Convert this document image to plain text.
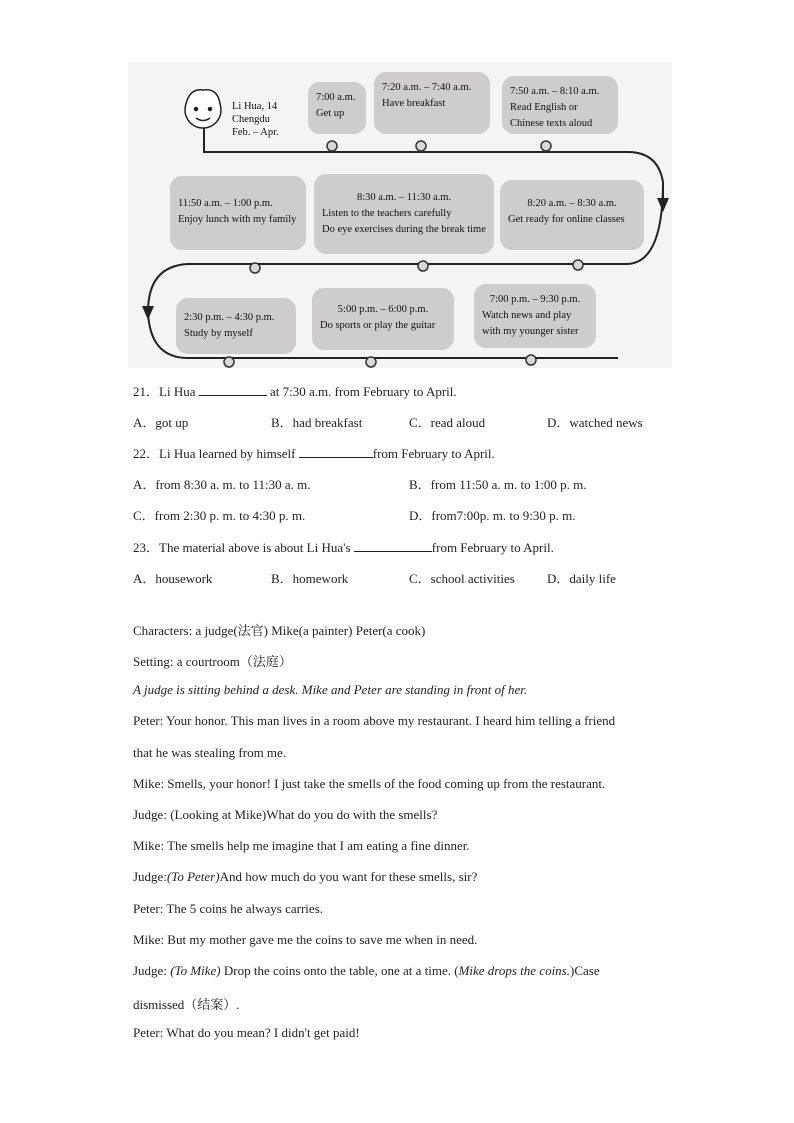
Li Hua, 14
Chengdu
Feb. – Apr.
7:00 a.m.
Get up
7:20 a.m. – 7:40 a.m.
Have breakfast
7:50 a.m. – 8:10 a.m.
Read English or
Chinese texts aloud
11:50 a.m. – 1:00 p.m.
Enjoy lunch with my family
8:30 a.m. – 11:30 a.m.
Listen to the teachers carefully
Do eye exercises during the break time
8:20 a.m. – 8:30 a.m.
Get ready for online classes
2:30 p.m. – 4:30 p.m.
Study by myself
5:00 p.m. – 6:00 p.m.
Do sports or play the guitar
7:00 p.m. – 9:30 p.m.
Watch news and play
with my younger sister
21．Li Hua	at 7:30 a.m. from February to April.
A．got up	B．had breakfast	C．read aloud	D．watched news
22．Li Hua learned by himself	from February to April.
A．from 8:30 a. m. to 11:30 a. m.	B．from 11:50 a. m. to 1:00 p. m.
C．from 2:30 p. m. to 4:30 p. m.	D．from7:00p. m. to 9:30 p. m.
23．The material above is about Li Hua's	from February to April.
A．housework	B．homework	C．school activities D．daily life
Characters: a judge(法官) Mike(a painter) Peter(a cook)
Setting: a courtroom（法庭）
A judge is sitting behind a desk. Mike and Peter are standing in front of her.
Peter: Your honor. This man lives in a room above my restaurant. I heard him telling a friend
that he was stealing from me.
Mike: Smells, your honor! I just take the smells of the food coming up from the restaurant.
Judge: (Looking at Mike)What do you do with the smells?
Mike: The smells help me imagine that I am eating a fine dinner.
Judge:(To Peter)And how much do you want for these smells, sir?
Peter: The 5 coins he always carries.
Mike: But my mother gave me the coins to save me when in need.
Judge: (To Mike) Drop the coins onto the table, one at a time. (Mike drops the coins.)Case
dismissed（结案）.
Peter: What do you mean? I didn't get paid!
